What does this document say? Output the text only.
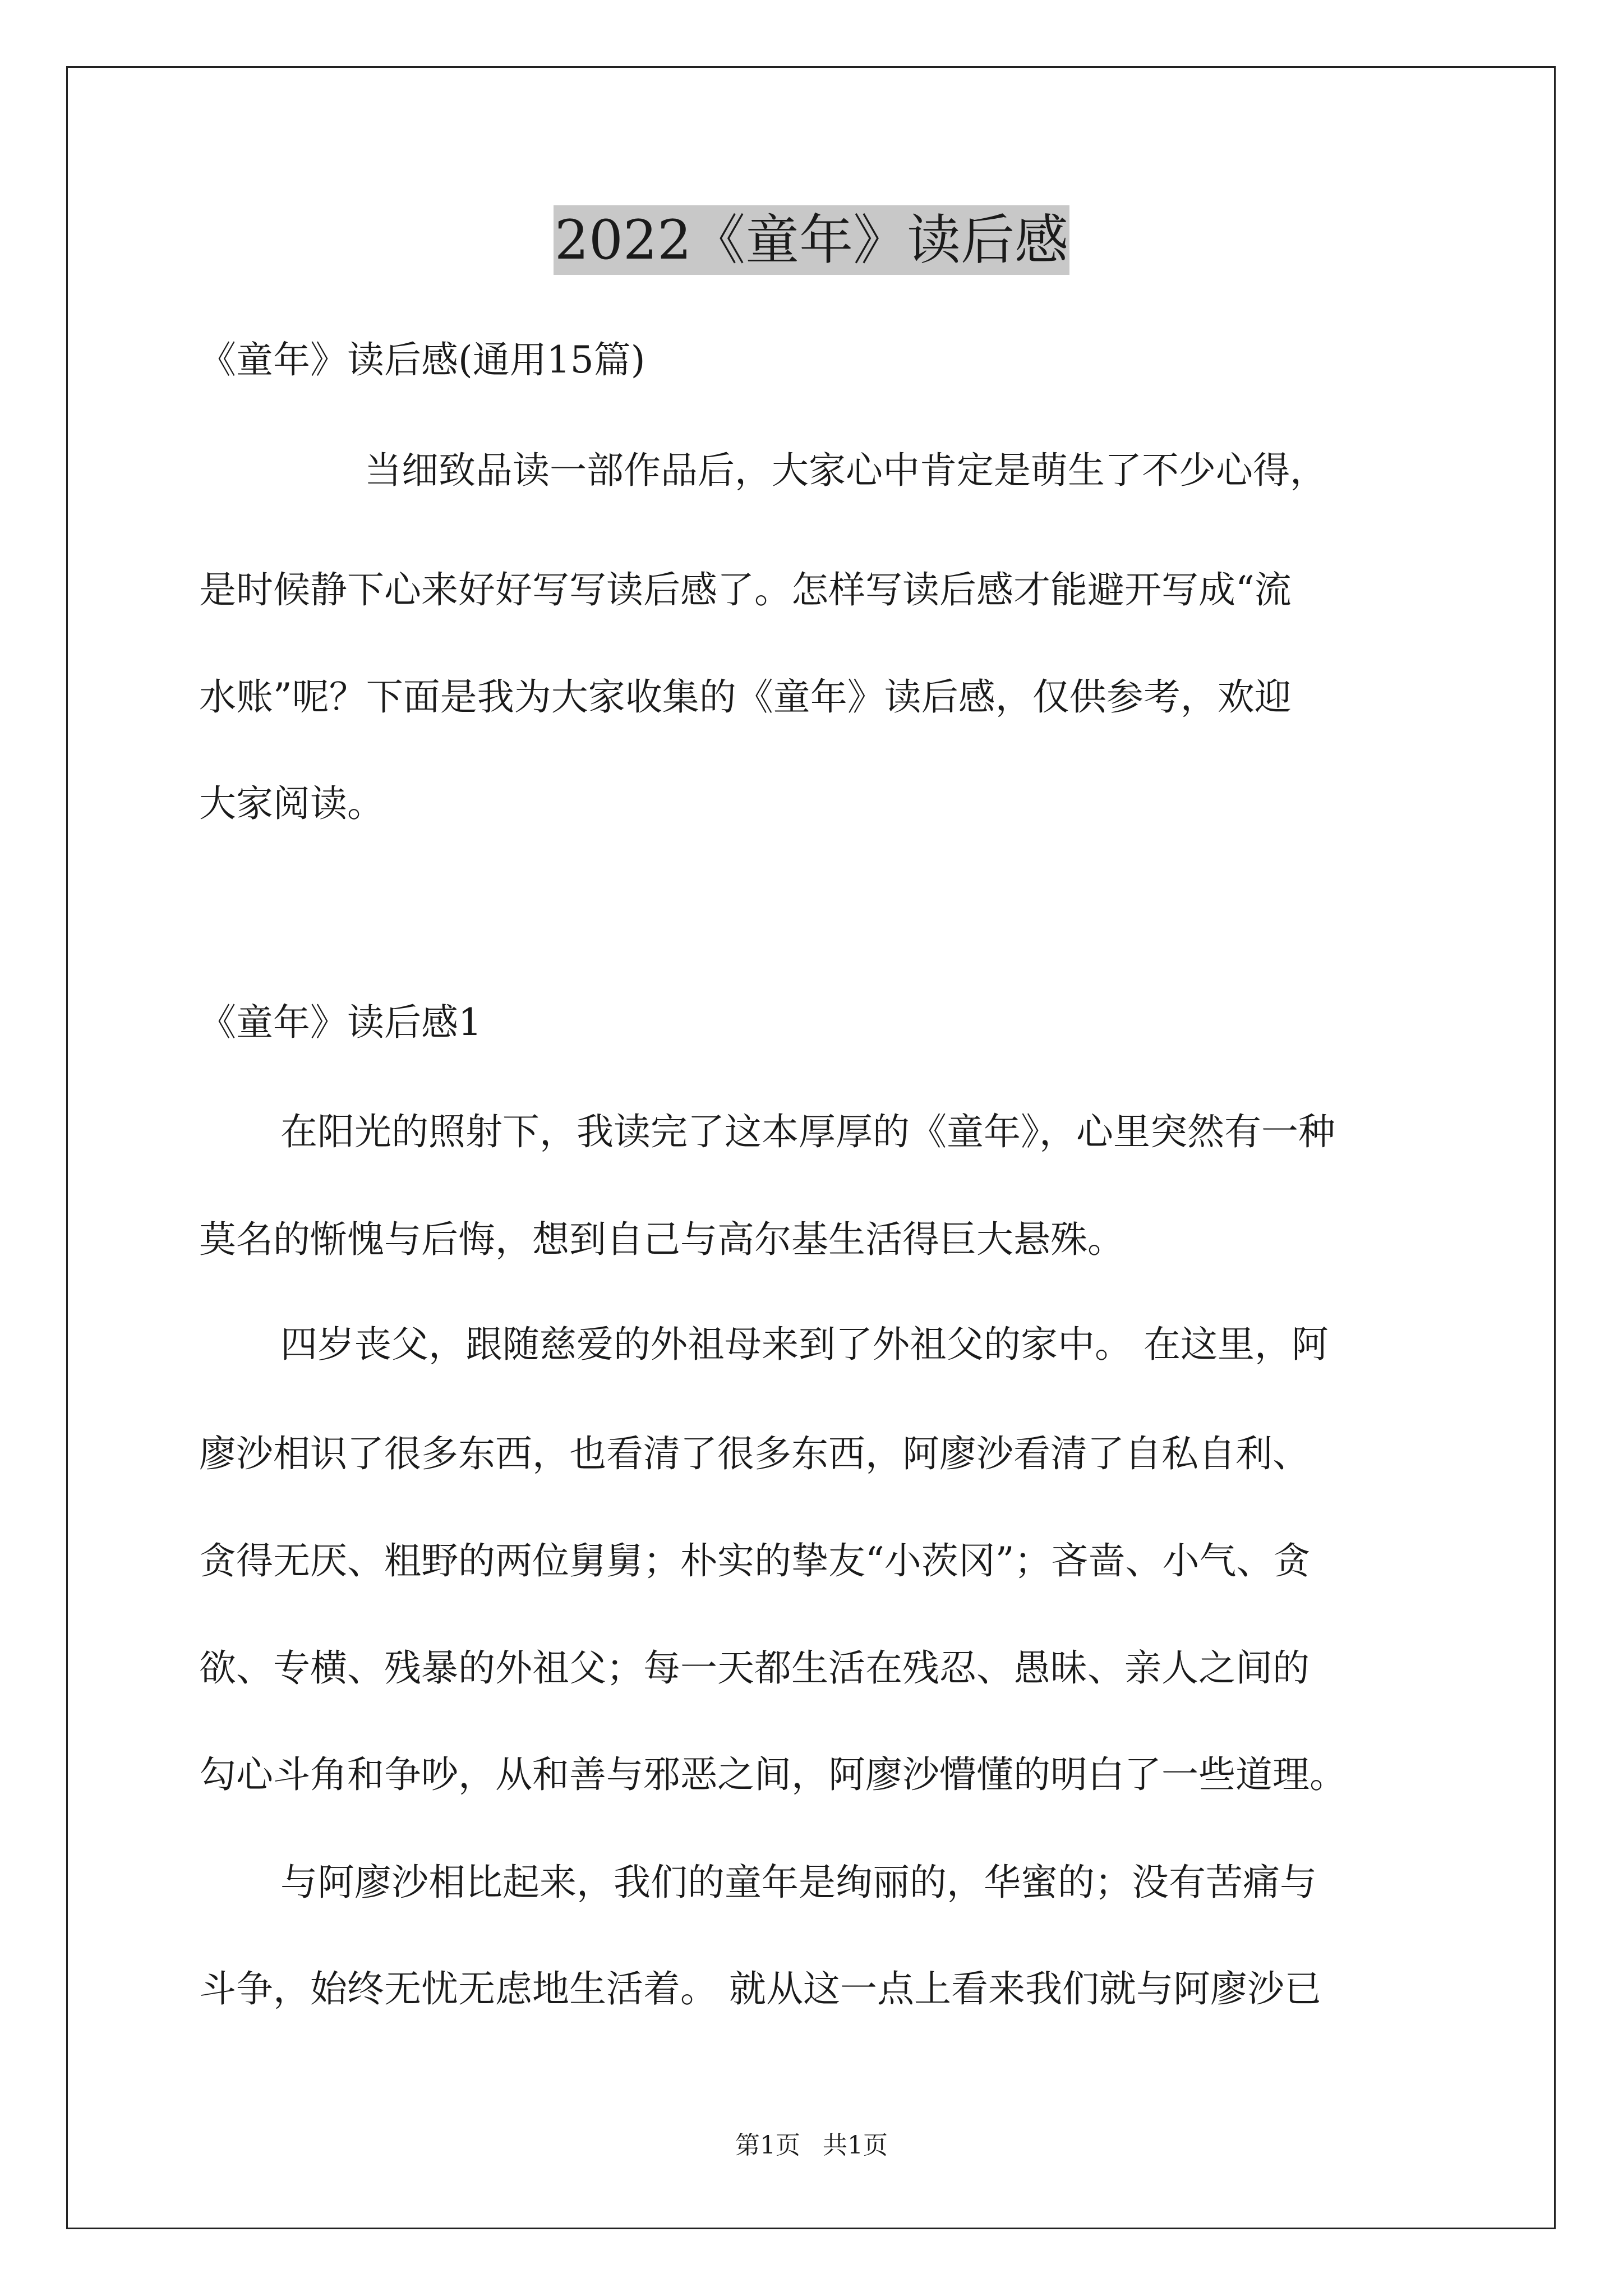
2022《童年》读后感
《童年》读后感(通用15篇)
当细致品读一部作品后，大家心中肯定是萌生了不少心得，
是时候静下心来好好写写读后感了。怎样写读后感才能避开写成“流
水账”呢？下面是我为大家收集的《童年》读后感，仅供参考，欢迎
大家阅读。
《童年》读后感1
在阳光的照射下，我读完了这本厚厚的《童年》，心里突然有一种
莫名的惭愧与后悔，想到自己与高尔基生活得巨大悬殊。
四岁丧父，跟随慈爱的外祖母来到了外祖父的家中。 在这里，阿
廖沙相识了很多东西，也看清了很多东西，阿廖沙看清了自私自利、
贪得无厌、粗野的两位舅舅；朴实的挚友“小茨冈”；吝啬、小气、贪
欲、专横、残暴的外祖父；每一天都生活在残忍、愚昧、亲人之间的
勾心斗角和争吵，从和善与邪恶之间，阿廖沙懵懂的明白了一些道理。
与阿廖沙相比起来，我们的童年是绚丽的，华蜜的；没有苦痛与
斗争，始终无忧无虑地生活着。 就从这一点上看来我们就与阿廖沙已
第1页 共1页
